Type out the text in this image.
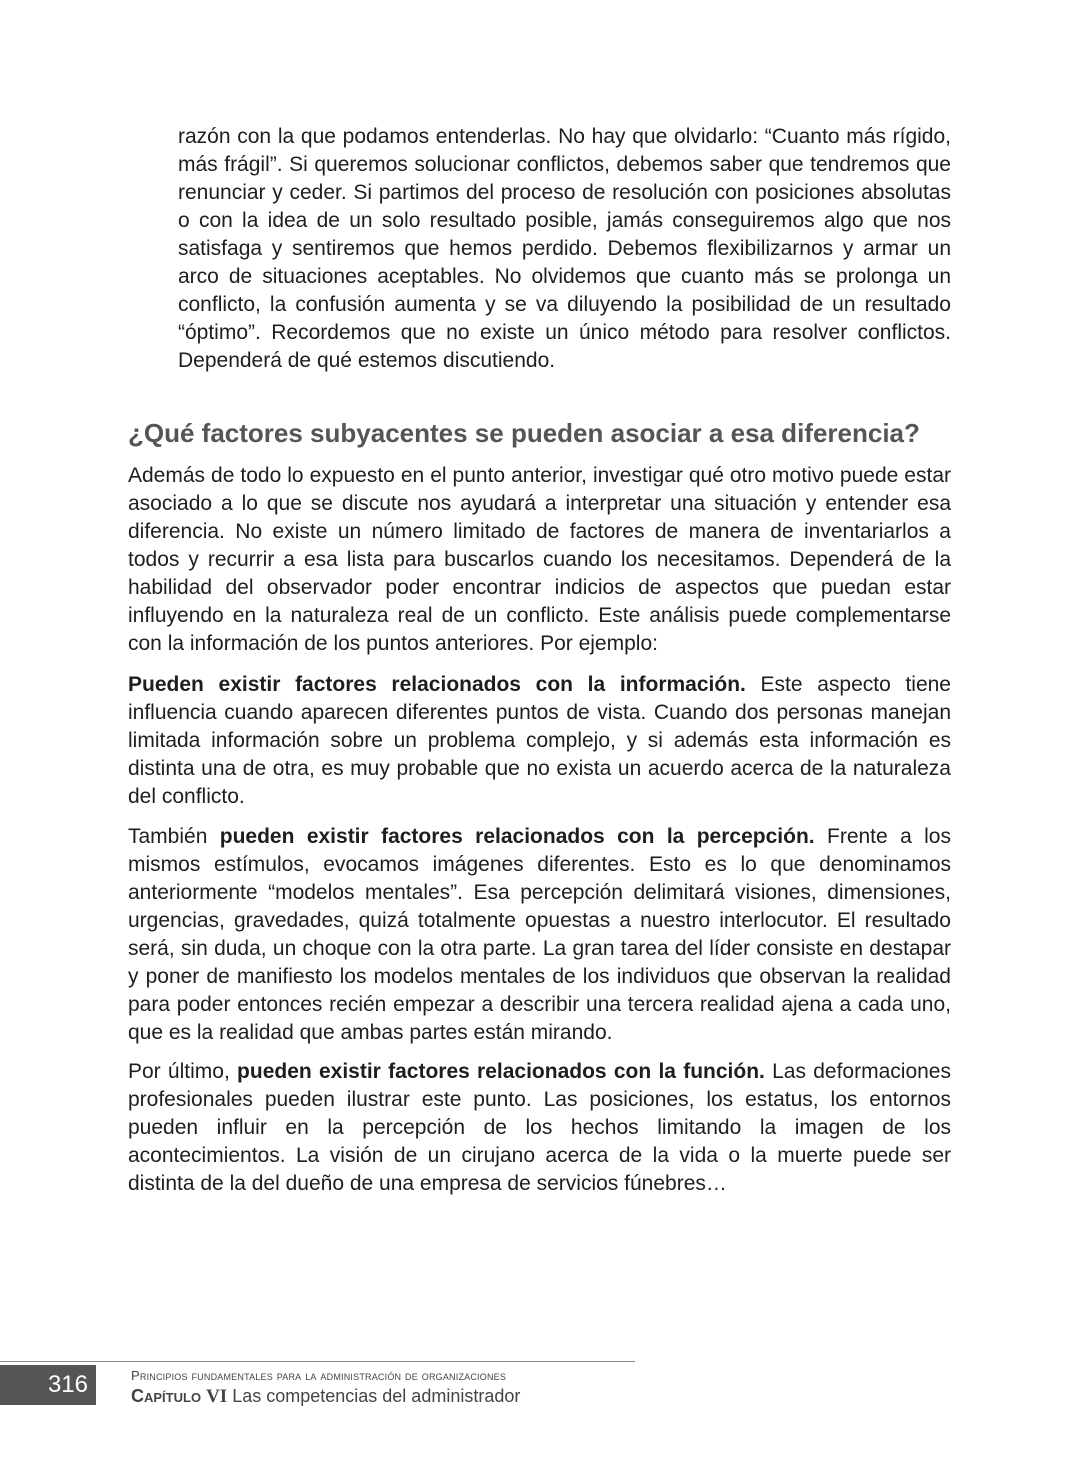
razón con la que podamos entenderlas. No hay que olvidarlo: “Cuanto más rígido, más frágil”. Si queremos solucionar conflictos, debemos saber que tendremos que renunciar y ceder. Si partimos del proceso de resolución con posiciones absolutas o con la idea de un solo resultado posible, jamás conseguiremos algo que nos satisfaga y sentiremos que hemos perdido. Debemos flexibilizarnos y armar un arco de situaciones aceptables. No olvidemos que cuanto más se prolonga un conflicto, la confusión aumenta y se va diluyendo la posibilidad de un resultado “óptimo”. Recordemos que no existe un único método para resolver conflictos. Dependerá de qué estemos discutiendo.

¿Qué factores subyacentes se pueden asociar a esa diferencia?

Además de todo lo expuesto en el punto anterior, investigar qué otro motivo puede estar asociado a lo que se discute nos ayudará a interpretar una situación y entender esa diferencia. No existe un número limitado de factores de manera de inventariarlos a todos y recurrir a esa lista para buscarlos cuando los necesitamos. Dependerá de la habilidad del observador poder encontrar indicios de aspectos que puedan estar influyendo en la naturaleza real de un conflicto. Este análisis puede complementarse con la información de los puntos anteriores. Por ejemplo:

Pueden existir factores relacionados con la información. Este aspecto tiene influencia cuando aparecen diferentes puntos de vista. Cuando dos personas manejan limitada información sobre un problema complejo, y si además esta información es distinta una de otra, es muy probable que no exista un acuerdo acerca de la naturaleza del conflicto.

También pueden existir factores relacionados con la percepción. Frente a los mismos estímulos, evocamos imágenes diferentes. Esto es lo que denominamos anteriormente “modelos mentales”. Esa percepción delimitará visiones, dimensiones, urgencias, gravedades, quizá totalmente opuestas a nuestro interlocutor. El resultado será, sin duda, un choque con la otra parte. La gran tarea del líder consiste en destapar y poner de manifiesto los modelos mentales de los individuos que observan la realidad para poder entonces recién empezar a describir una tercera realidad ajena a cada uno, que es la realidad que ambas partes están mirando.

Por último, pueden existir factores relacionados con la función. Las deformaciones profesionales pueden ilustrar este punto. Las posiciones, los estatus, los entornos pueden influir en la percepción de los hechos limitando la imagen de los acontecimientos. La visión de un cirujano acerca de la vida o la muerte puede ser distinta de la del dueño de una empresa de servicios fúnebres…

316	Principios fundamentales para la administración de organizaciones
Capítulo VI Las competencias del administrador
